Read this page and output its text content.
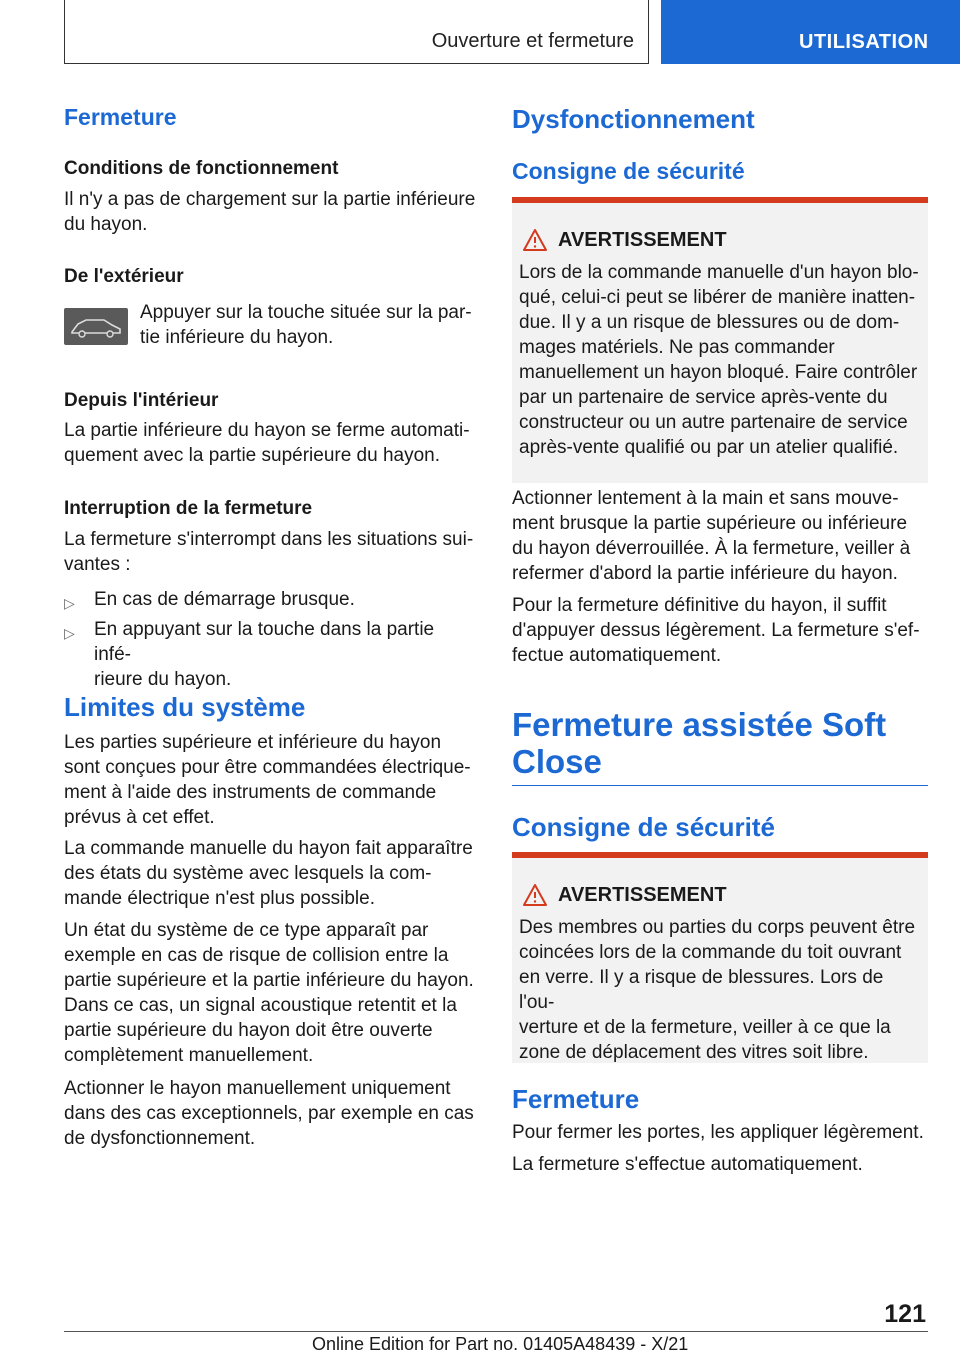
Ouverture et fermeture	UTILISATION
Fermeture
Conditions de fonctionnement
Il n'y a pas de chargement sur la partie inférieure
du hayon.
De l'extérieur
Appuyer sur la touche située sur la par-
tie inférieure du hayon.
Depuis l'intérieur
La partie inférieure du hayon se ferme automati-
quement avec la partie supérieure du hayon.
Interruption de la fermeture
La fermeture s'interrompt dans les situations sui-
vantes :
▷	En cas de démarrage brusque.
▷	En appuyant sur la touche dans la partie infé-
rieure du hayon.
Limites du système
Les parties supérieure et inférieure du hayon
sont conçues pour être commandées électrique-
ment à l'aide des instruments de commande
prévus à cet effet.
La commande manuelle du hayon fait apparaître
des états du système avec lesquels la com-
mande électrique n'est plus possible.
Un état du système de ce type apparaît par
exemple en cas de risque de collision entre la
partie supérieure et la partie inférieure du hayon.
Dans ce cas, un signal acoustique retentit et la
partie supérieure du hayon doit être ouverte
complètement manuellement.
Actionner le hayon manuellement uniquement
dans des cas exceptionnels, par exemple en cas
de dysfonctionnement.
Dysfonctionnement
Consigne de sécurité
AVERTISSEMENT
Lors de la commande manuelle d'un hayon blo-
qué, celui-ci peut se libérer de manière inatten-
due. Il y a un risque de blessures ou de dom-
mages matériels. Ne pas commander
manuellement un hayon bloqué. Faire contrôler
par un partenaire de service après-vente du
constructeur ou un autre partenaire de service
après-vente qualifié ou par un atelier qualifié.
Actionner lentement à la main et sans mouve-
ment brusque la partie supérieure ou inférieure
du hayon déverrouillée. À la fermeture, veiller à
refermer d'abord la partie inférieure du hayon.
Pour la fermeture définitive du hayon, il suffit
d'appuyer dessus légèrement. La fermeture s'ef-
fectue automatiquement.
Fermeture assistée Soft
Close
Consigne de sécurité
AVERTISSEMENT
Des membres ou parties du corps peuvent être
coincées lors de la commande du toit ouvrant
en verre. Il y a risque de blessures. Lors de l'ou-
verture et de la fermeture, veiller à ce que la
zone de déplacement des vitres soit libre.
Fermeture
Pour fermer les portes, les appliquer légèrement.
La fermeture s'effectue automatiquement.
121
Online Edition for Part no. 01405A48439 - X/21
